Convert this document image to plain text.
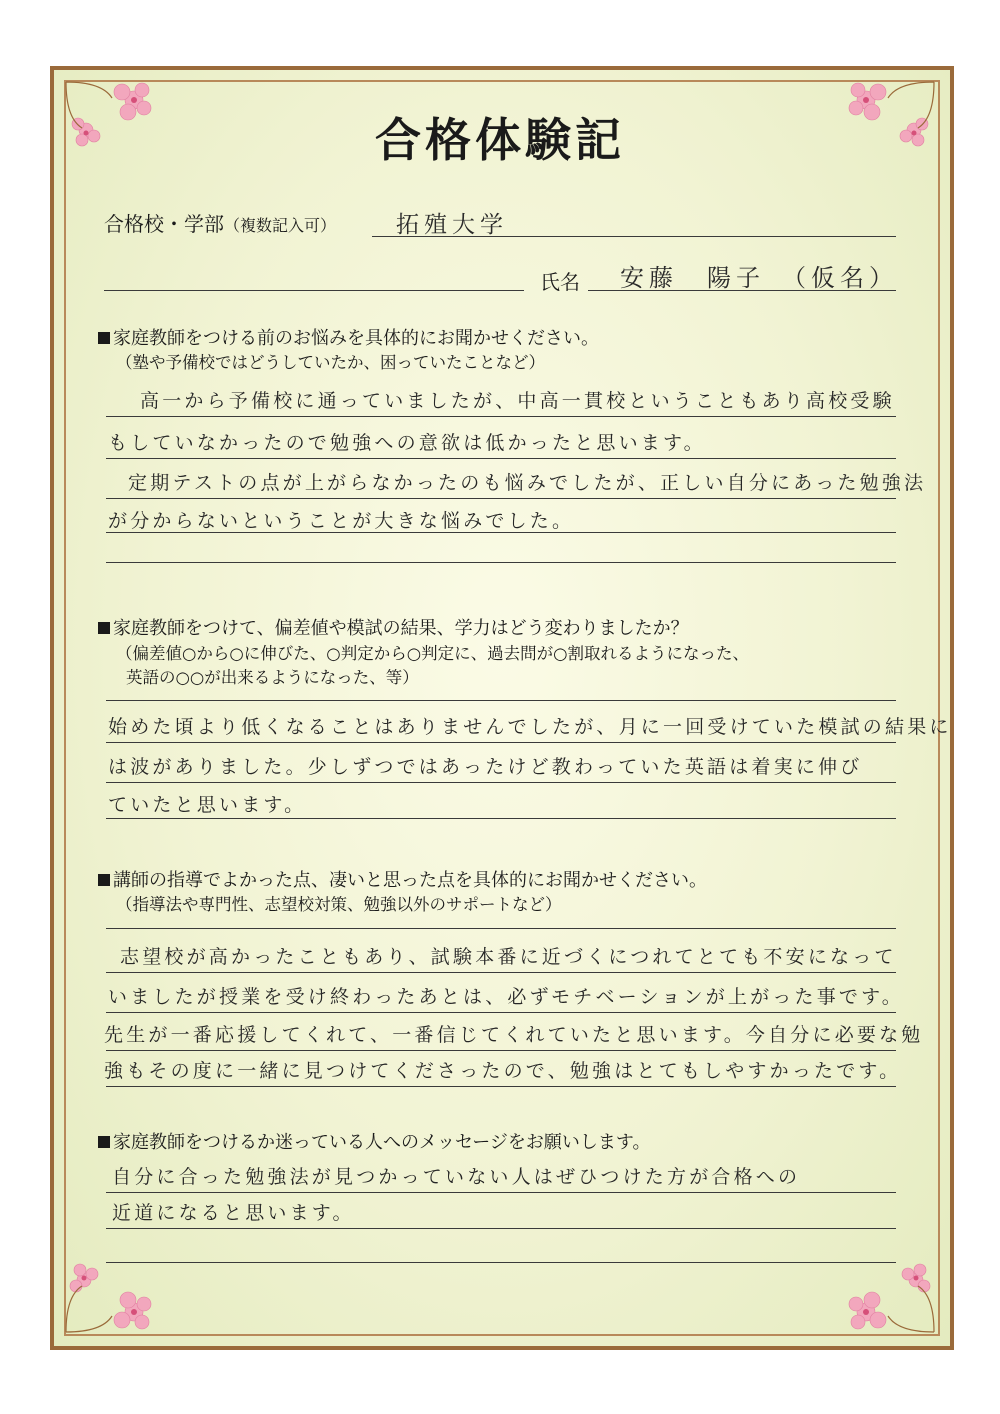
合格体験記
合格校・学部（複数記入可）	拓殖大学
氏名 安藤　陽子　（仮名）
家庭教師をつける前のお悩みを具体的にお聞かせください。
（塾や予備校ではどうしていたか、困っていたことなど）
高一から予備校に通っていましたが、中高一貫校ということもあり高校受験
もしていなかったので勉強への意欲は低かったと思います。
定期テストの点が上がらなかったのも悩みでしたが、正しい自分にあった勉強法
が分からないということが大きな悩みでした。
家庭教師をつけて、偏差値や模試の結果、学力はどう変わりましたか？
（偏差値○から○に伸びた、○判定から○判定に、過去問が○割取れるようになった、
英語の○○が出来るようになった、等）
始めた頃より低くなることはありませんでしたが、月に一回受けていた模試の結果に
は波がありました。少しずつではあったけど教わっていた英語は着実に伸び
ていたと思います。
講師の指導でよかった点、凄いと思った点を具体的にお聞かせください。
（指導法や専門性、志望校対策、勉強以外のサポートなど）
志望校が高かったこともあり、試験本番に近づくにつれてとても不安になって
いましたが授業を受け終わったあとは、必ずモチベーションが上がった事です。
先生が一番応援してくれて、一番信じてくれていたと思います。今自分に必要な勉
強もその度に一緒に見つけてくださったので、勉強はとてもしやすかったです。
家庭教師をつけるか迷っている人へのメッセージをお願いします。
自分に合った勉強法が見つかっていない人はぜひつけた方が合格への
近道になると思います。
